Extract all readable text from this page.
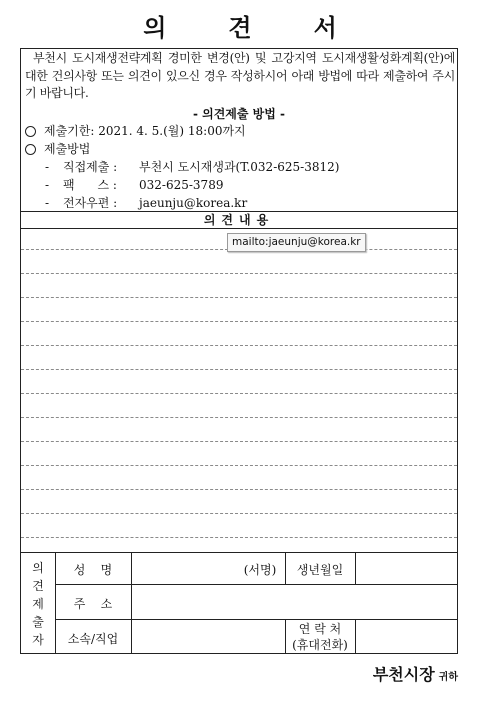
의견서
부천시 도시재생전략계획 경미한 변경(안) 및 고강지역 도시재생활성화계획(안)에 대한 건의사항 또는 의견이 있으신 경우 작성하시어 아래 방법에 따라 제출하여 주시기 바랍니다.
- 의견제출 방법 -
제출기한: 2021. 4. 5.(월) 18:00까지
제출방법
- 직접제출 : 부천시 도시재생과(T.032-625-3812)
- 팩      스 : 032-625-3789
- 전자우편 : jaeunju@korea.kr
의견내용
의
견
제
출
자
성    명	(서명)	생년월일
주    소
소속/직업
연 락 처
(휴대전화)
mailto:jaeunju@korea.kr
부천시장 귀하
